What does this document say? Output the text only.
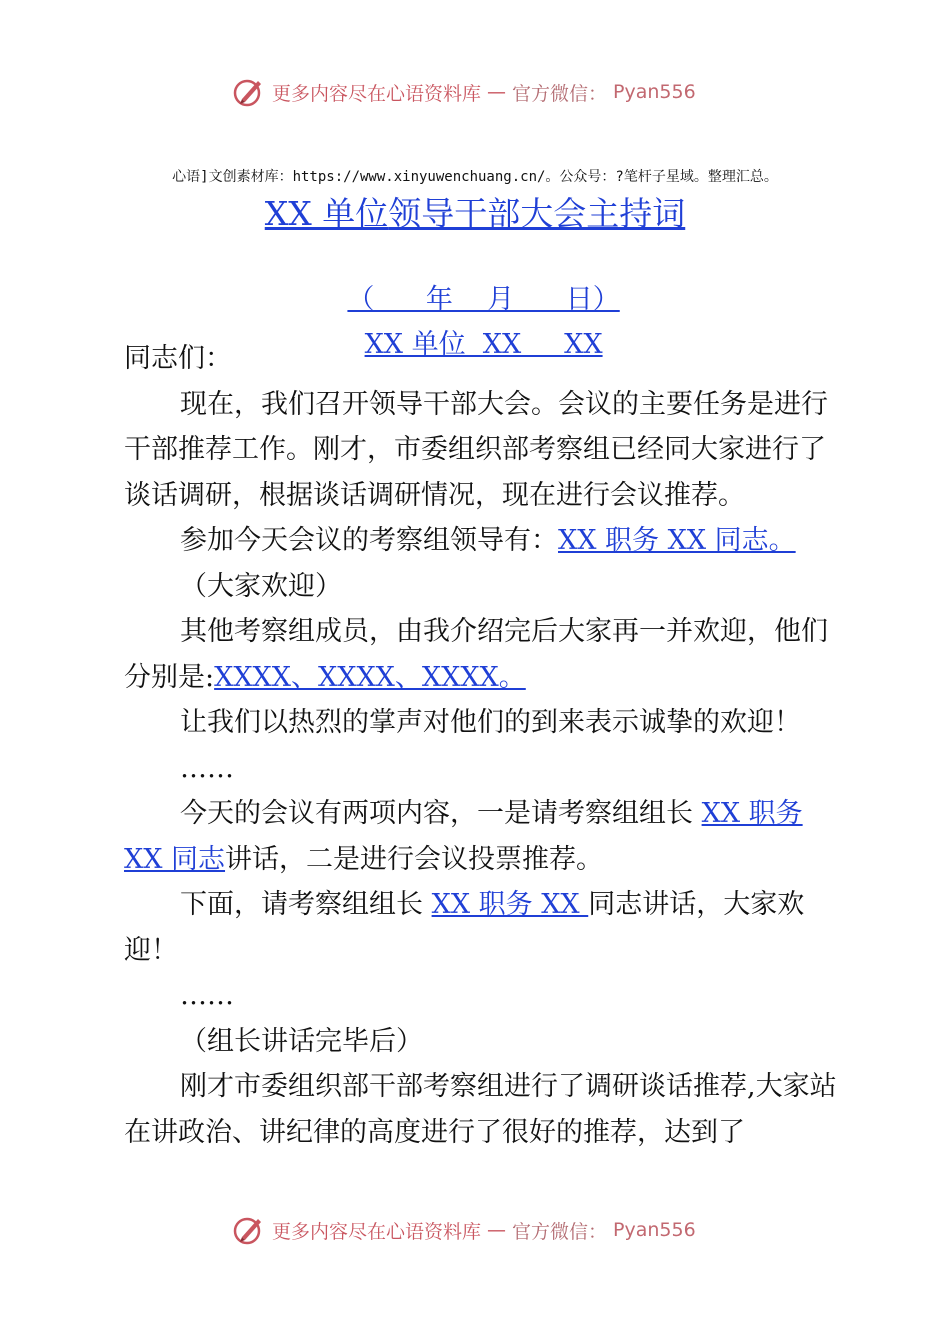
更多内容尽在心语资料库 — 官方微信： Pyan556
心语]文创素材库：https://www.xinyuwenchuang.cn/。公众号：?笔杆子星域。整理汇总。
XX 单位领导干部大会主持词

（      年    月      日）

XX 单位  XX     XX

同志们：

现在，我们召开领导干部大会。会议的主要任务是进行干部推荐工作。刚才，市委组织部考察组已经同大家进行了谈话调研，根据谈话调研情况，现在进行会议推荐。

参加今天会议的考察组领导有：XX 职务 XX 同志。

（大家欢迎）

其他考察组成员，由我介绍完后大家再一并欢迎，他们分别是:XXXX、XXXX、XXXX。

让我们以热烈的掌声对他们的到来表示诚挚的欢迎！

……

今天的会议有两项内容，一是请考察组组长 XX 职务 XX 同志讲话，二是进行会议投票推荐。

下面，请考察组组长 XX 职务 XX 同志讲话，大家欢迎！

……

（组长讲话完毕后）

刚才市委组织部干部考察组进行了调研谈话推荐,大家站在讲政治、讲纪律的高度进行了很好的推荐，达到了

更多内容尽在心语资料库 — 官方微信： Pyan556
